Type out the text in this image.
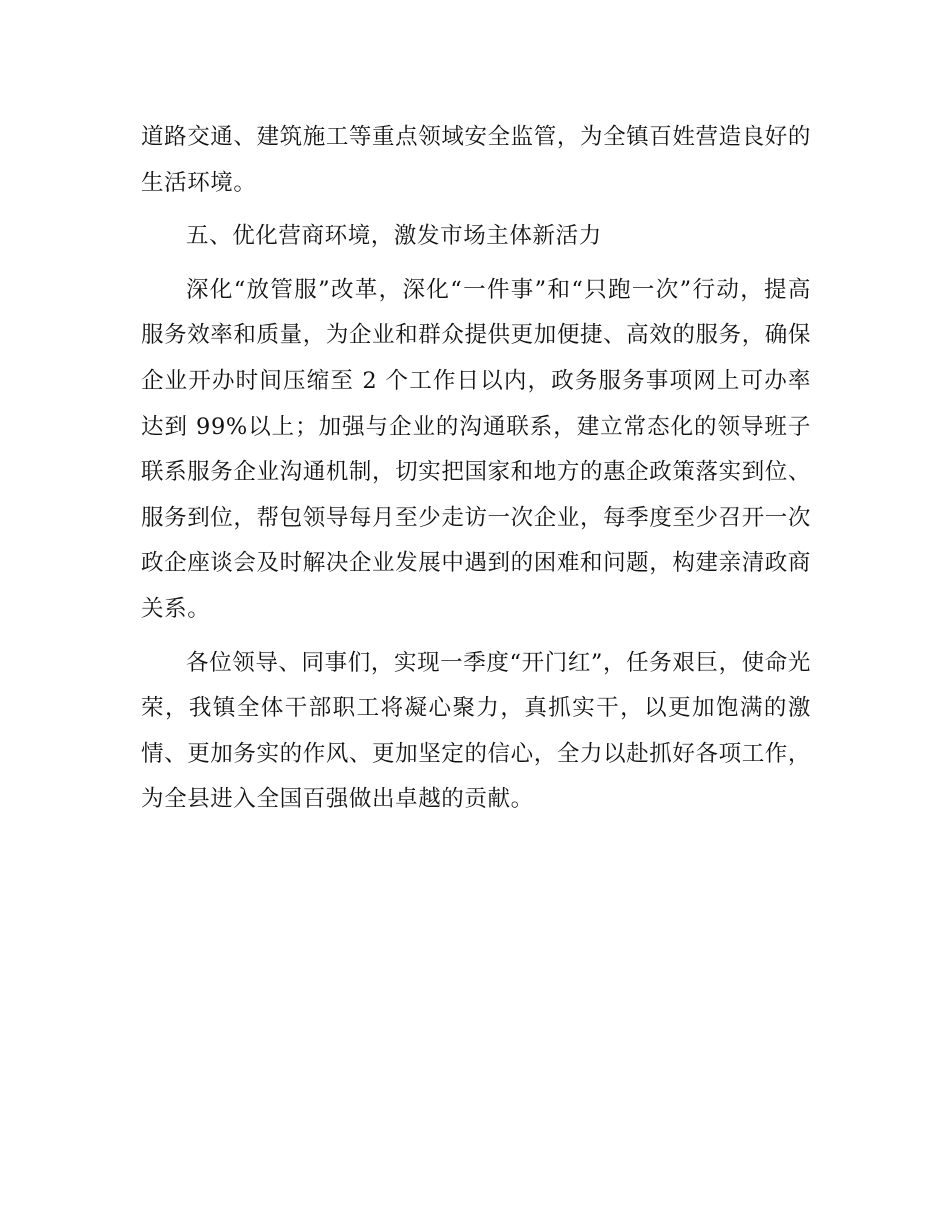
道路交通、建筑施工等重点领域安全监管，为全镇百姓营造良好的生活环境。

五、优化营商环境，激发市场主体新活力

深化“放管服”改革，深化“一件事”和“只跑一次”行动，提高服务效率和质量，为企业和群众提供更加便捷、高效的服务，确保企业开办时间压缩至 2 个工作日以内，政务服务事项网上可办率达到 99%以上；加强与企业的沟通联系，建立常态化的领导班子联系服务企业沟通机制，切实把国家和地方的惠企政策落实到位、服务到位，帮包领导每月至少走访一次企业，每季度至少召开一次政企座谈会及时解决企业发展中遇到的困难和问题，构建亲清政商关系。

各位领导、同事们，实现一季度“开门红”，任务艰巨，使命光荣，我镇全体干部职工将凝心聚力，真抓实干，以更加饱满的激情、更加务实的作风、更加坚定的信心，全力以赴抓好各项工作，为全县进入全国百强做出卓越的贡献。
